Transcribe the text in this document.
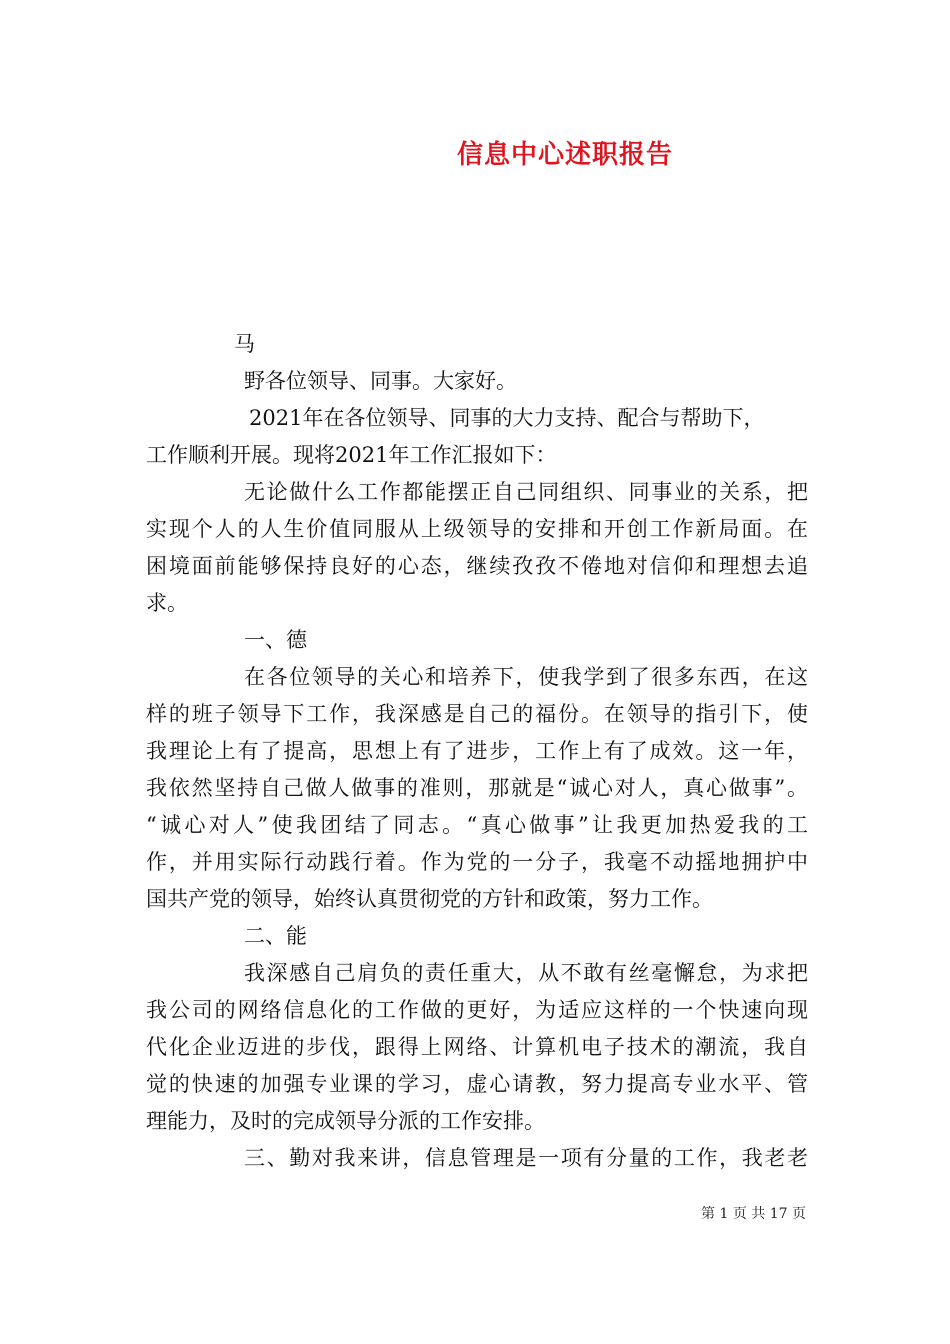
信息中心述职报告
马
野各位领导、同事。大家好。
2021年在各位领导、同事的大力支持、配合与帮助下，
工作顺利开展。现将2021年工作汇报如下：
无论做什么工作都能摆正自己同组织、同事业的关系，把
实现个人的人生价值同服从上级领导的安排和开创工作新局面。在
困境面前能够保持良好的心态，继续孜孜不倦地对信仰和理想去追
求。
一、德
在各位领导的关心和培养下，使我学到了很多东西，在这
样的班子领导下工作，我深感是自己的福份。在领导的指引下，使
我理论上有了提高，思想上有了进步，工作上有了成效。这一年，
我依然坚持自己做人做事的准则，那就是“诚心对人，真心做事”。
“诚心对人”使我团结了同志。“真心做事”让我更加热爱我的工
作，并用实际行动践行着。作为党的一分子，我毫不动摇地拥护中
国共产党的领导，始终认真贯彻党的方针和政策，努力工作。
二、能
我深感自己肩负的责任重大，从不敢有丝毫懈怠，为求把
我公司的网络信息化的工作做的更好，为适应这样的一个快速向现
代化企业迈进的步伐，跟得上网络、计算机电子技术的潮流，我自
觉的快速的加强专业课的学习，虚心请教，努力提高专业水平、管
理能力，及时的完成领导分派的工作安排。
三、勤对我来讲，信息管理是一项有分量的工作，我老老
第 1 页 共 17 页
